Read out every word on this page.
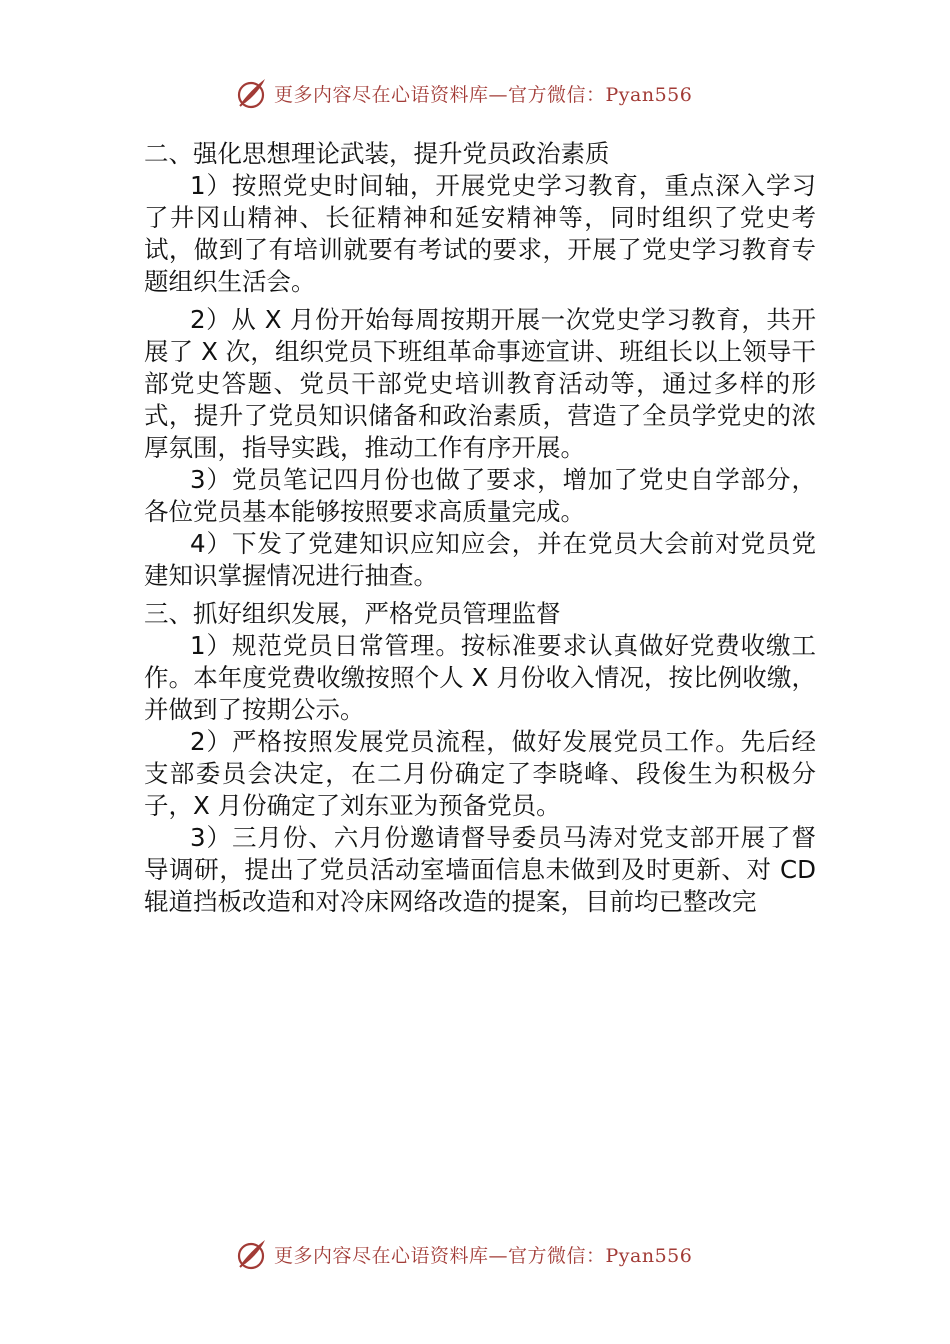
更多内容尽在心语资料库—官方微信：Pyan556

二、强化思想理论武装，提升党员政治素质

1）按照党史时间轴，开展党史学习教育，重点深入学习了井冈山精神、长征精神和延安精神等，同时组织了党史考试，做到了有培训就要有考试的要求，开展了党史学习教育专题组织生活会。

2）从 X 月份开始每周按期开展一次党史学习教育，共开展了 X 次，组织党员下班组革命事迹宣讲、班组长以上领导干部党史答题、党员干部党史培训教育活动等，通过多样的形式，提升了党员知识储备和政治素质，营造了全员学党史的浓厚氛围，指导实践，推动工作有序开展。

3）党员笔记四月份也做了要求，增加了党史自学部分，各位党员基本能够按照要求高质量完成。

4）下发了党建知识应知应会，并在党员大会前对党员党建知识掌握情况进行抽查。

三、抓好组织发展，严格党员管理监督

1）规范党员日常管理。按标准要求认真做好党费收缴工作。本年度党费收缴按照个人 X 月份收入情况，按比例收缴，并做到了按期公示。

2）严格按照发展党员流程，做好发展党员工作。先后经支部委员会决定，在二月份确定了李晓峰、段俊生为积极分子，X 月份确定了刘东亚为预备党员。

3）三月份、六月份邀请督导委员马涛对党支部开展了督导调研，提出了党员活动室墙面信息未做到及时更新、对 CD 辊道挡板改造和对冷床网络改造的提案，目前均已整改完

更多内容尽在心语资料库—官方微信：Pyan556
